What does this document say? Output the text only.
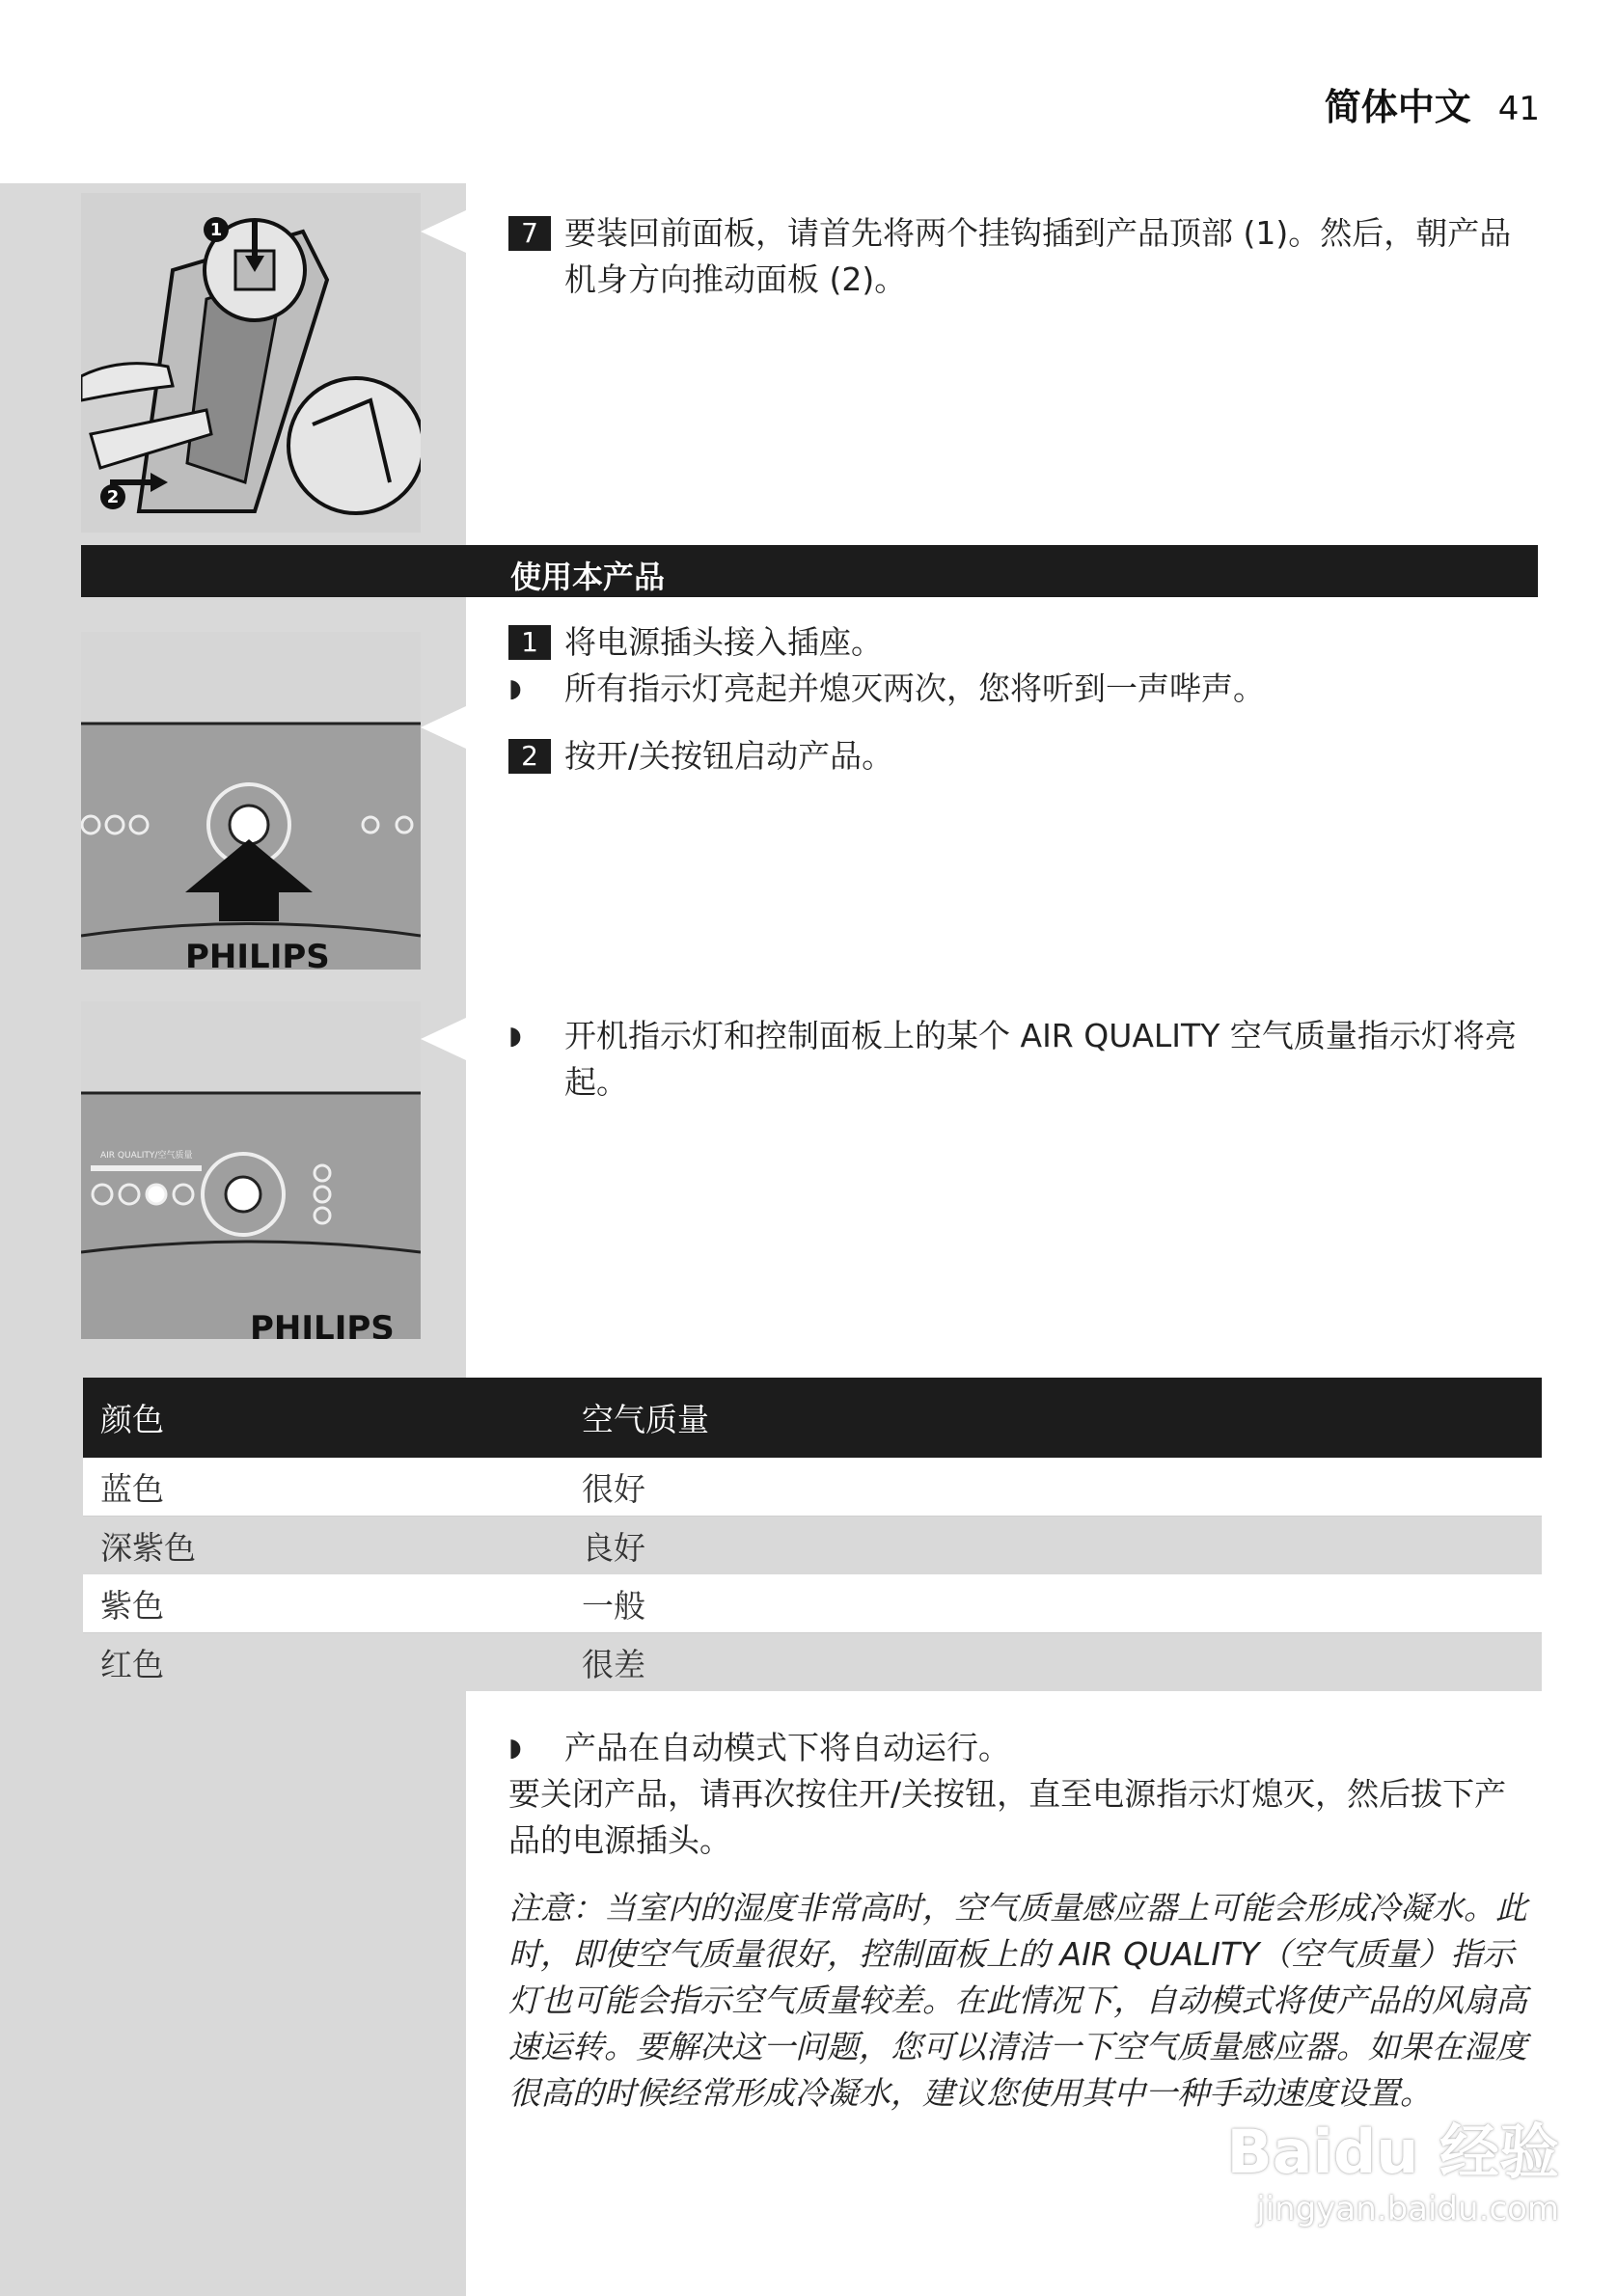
简体中文 41
1
2
7 要装回前面板，请首先将两个挂钩插到产品顶部 (1)。然后，朝产品机身方向推动面板 (2)。
使用本产品
PHILIPS
1 将电源插头接入插座。
◗	所有指示灯亮起并熄灭两次，您将听到一声哔声。
2 按开/关按钮启动产品。
AIR QUALITY/空气质量
PHILIPS
◗	开机指示灯和控制面板上的某个 AIR QUALITY 空气质量指示灯将亮起。
颜色	空气质量
蓝色	很好
深紫色	良好
紫色	一般
红色	很差
◗	产品在自动模式下将自动运行。
要关闭产品，请再次按住开/关按钮，直至电源指示灯熄灭，然后拔下产品的电源插头。
注意：当室内的湿度非常高时，空气质量感应器上可能会形成冷凝水。此时，即使空气质量很好，控制面板上的 AIR QUALITY（空气质量）指示灯也可能会指示空气质量较差。在此情况下，自动模式将使产品的风扇高速运转。要解决这一问题，您可以清洁一下空气质量感应器。如果在湿度很高的时候经常形成冷凝水，建议您使用其中一种手动速度设置。
Baidu 经验
jingyan.baidu.com
